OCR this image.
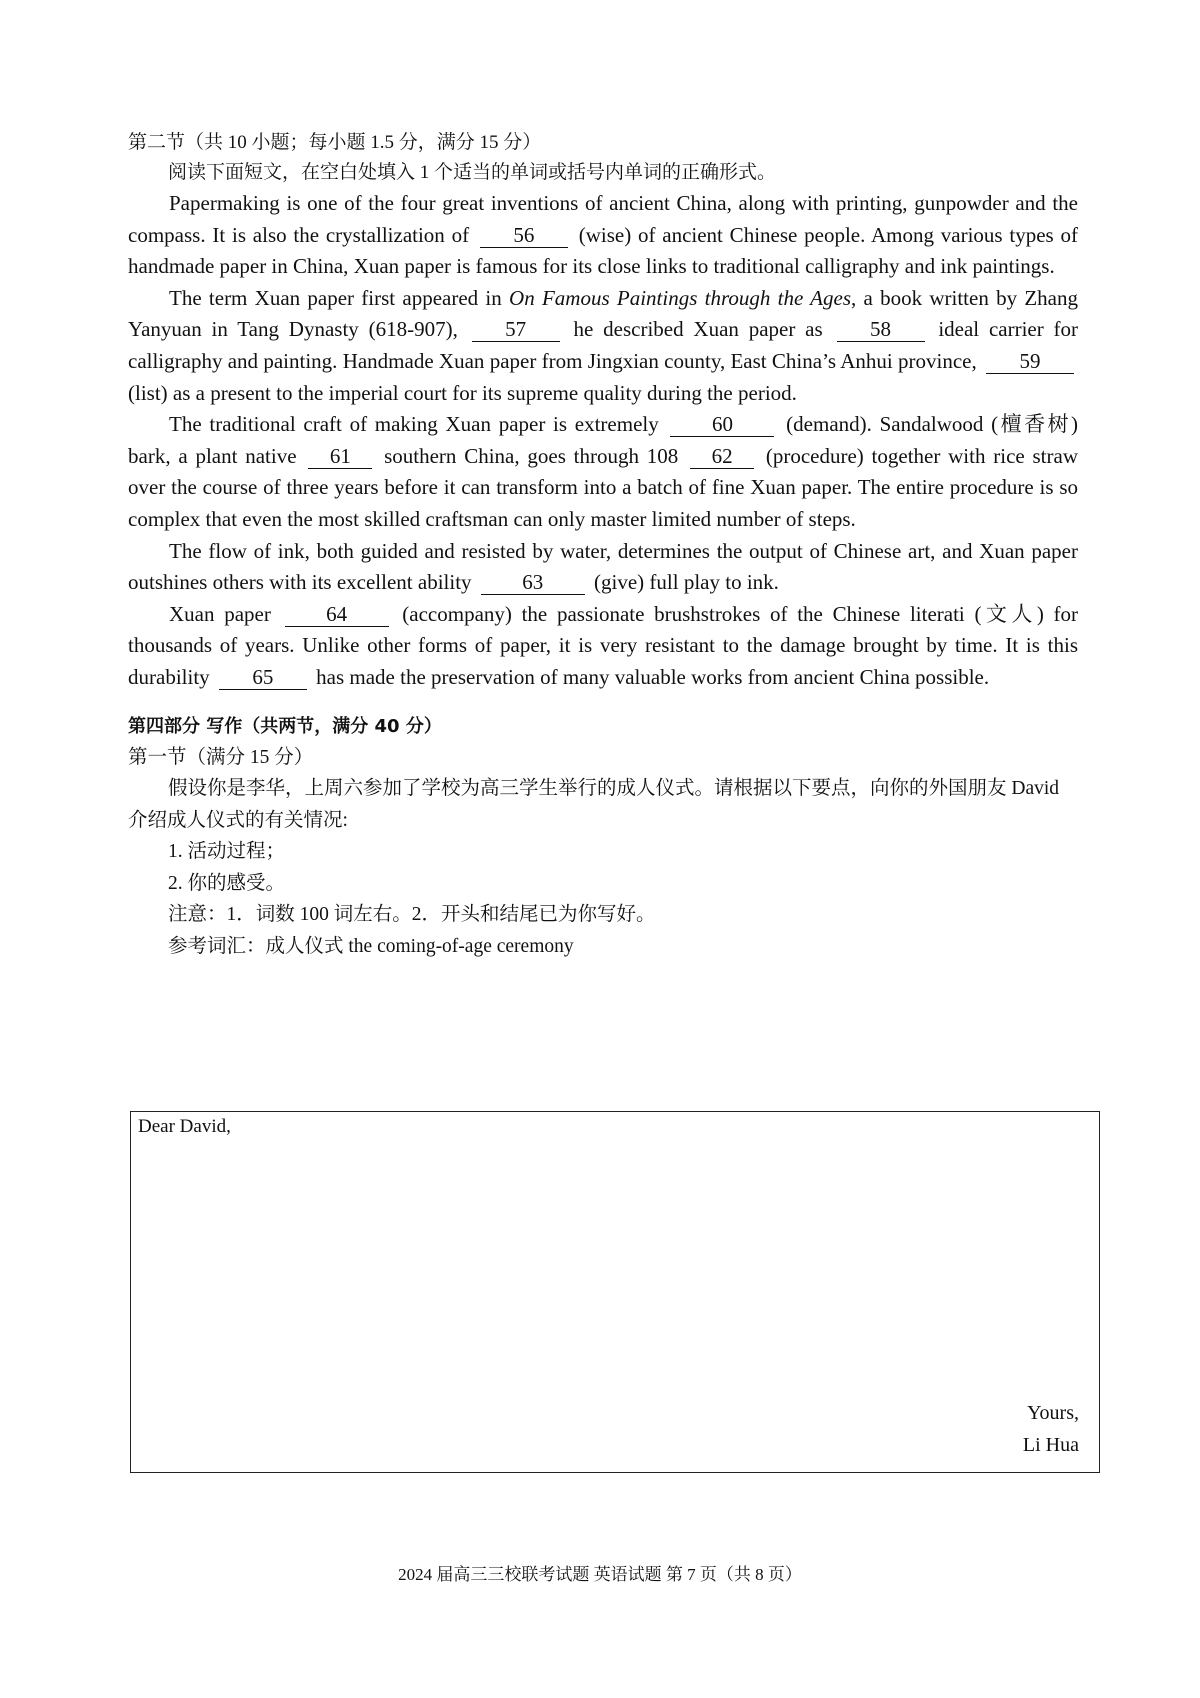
第二节（共 10 小题；每小题 1.5 分，满分 15 分）

阅读下面短文，在空白处填入 1 个适当的单词或括号内单词的正确形式。

Papermaking is one of the four great inventions of ancient China, along with printing, gunpowder and the compass. It is also the crystallization of 56 (wise) of ancient Chinese people. Among various types of handmade paper in China, Xuan paper is famous for its close links to traditional calligraphy and ink paintings.

The term Xuan paper first appeared in On Famous Paintings through the Ages, a book written by Zhang Yanyuan in Tang Dynasty (618-907), 57 he described Xuan paper as 58 ideal carrier for calligraphy and painting. Handmade Xuan paper from Jingxian county, East China’s Anhui province, 59 (list) as a present to the imperial court for its supreme quality during the period.

The traditional craft of making Xuan paper is extremely	60	(demand). Sandalwood (檀香树) bark, a plant native 61 southern China, goes through 108 62 (procedure) together with rice straw over the course of three years before it can transform into a batch of fine Xuan paper. The entire procedure is so complex that even the most skilled craftsman can only master limited number of steps.

The flow of ink, both guided and resisted by water, determines the output of Chinese art, and Xuan paper outshines others with its excellent ability 63 (give) full play to ink.

Xuan paper	64	(accompany) the passionate brushstrokes of the Chinese literati (文人) for thousands of years. Unlike other forms of paper, it is very resistant to the damage brought by time. It is this durability 65 has made the preservation of many valuable works from ancient China possible.

第四部分 写作（共两节，满分 40 分）

第一节（满分 15 分）

假设你是李华，上周六参加了学校为高三学生举行的成人仪式。请根据以下要点，向你的外国朋友 David 介绍成人仪式的有关情况:

1. 活动过程；

2. 你的感受。

注意：1．词数 100 词左右。2．开头和结尾已为你写好。

参考词汇：成人仪式 the coming-of-age ceremony

Dear David,
Yours,
Li Hua
2024 届高三三校联考试题 英语试题 第 7 页（共 8 页）
